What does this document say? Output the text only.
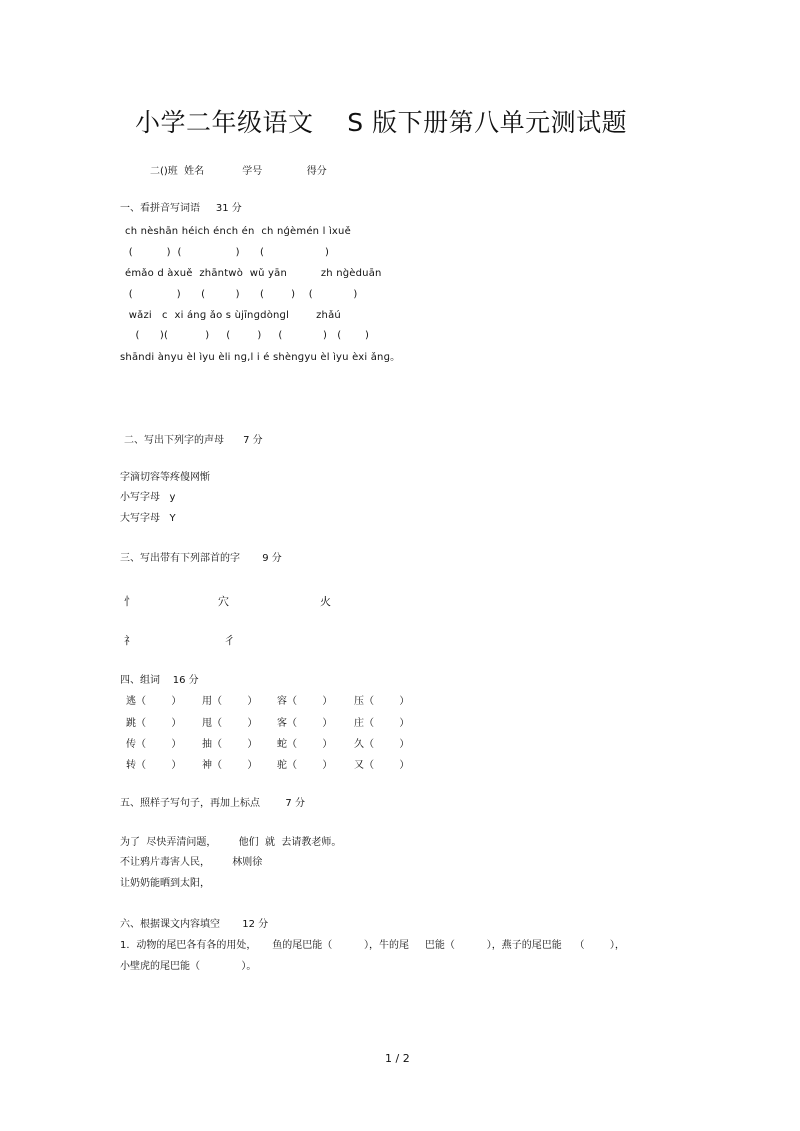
小学二年级语文    S 版下册第八单元测试题
二()班  姓名            学号              得分
一、看拼音写词语     31 分
ch nèshān héich énch én  ch nɡ́èmén l ìxuě
(          )  (                )      (                  )
émǎo d àxuě  zhāntwò  wǔ yān          zh nɡ̀èduān
(             )      (         )      (        )    (            )
wǎzi   c  xi ánɡ ǎo s ùjīnɡdònɡl        zhǎú
(      )(           )     (        )     (            )   (       )
shāndi ànyu èl ìyu èli nɡ,l i é shènɡyu èl ìyu èxi ǎnɡ。
二、写出下列字的声母      7 分
字滴切容等疼傻网惭
小写字母   y
大写字母   Y
三、写出带有下列部首的字       9 分
忄	穴	火
礻	彳
四、组词    16 分
逃（        ） 用（        ） 容（        ） 压（        ）
跳（        ） 甩（        ） 客（        ） 庄（        ）
传（        ） 抽（        ） 蛇（        ） 久（        ）
转（        ） 神（        ） 驼（        ） 又（        ）
五、照样子写句子，再加上标点        7 分
为了  尽快弄清问题，       他们  就  去请教老师。
不让鸦片毒害人民，       林则徐
让奶奶能晒到太阳，
六、根据课文内容填空       12 分
1．动物的尾巴各有各的用处，     鱼的尾巴能（          ），牛的尾     巴能（          ），燕子的尾巴能    （        ），
小壁虎的尾巴能（             ）。
1 / 2
